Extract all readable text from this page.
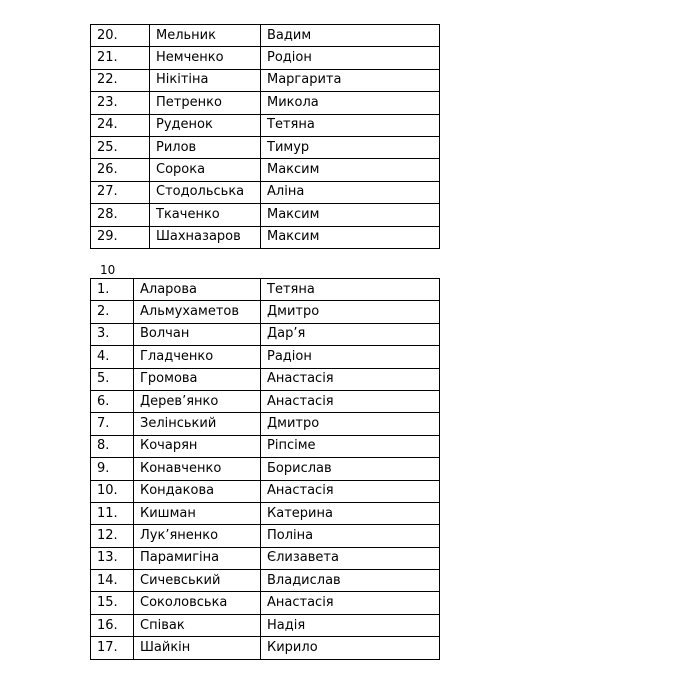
20.	Мельник	Вадим
21.	Немченко	Родіон
22.	Нікітіна	Маргарита
23.	Петренко	Микола
24.	Руденок	Тетяна
25.	Рилов	Тимур
26.	Сорока	Максим
27.	Стодольська	Аліна
28.	Ткаченко	Максим
29.	Шахназаров	Максим
10
1.	Аларова	Тетяна
2.	Альмухаметов	Дмитро
3.	Волчан	Дар’я
4.	Гладченко	Радіон
5.	Громова	Анастасія
6.	Дерев’янко	Анастасія
7.	Зелінський	Дмитро
8.	Кочарян	Ріпсіме
9.	Конавченко	Борислав
10.	Кондакова	Анастасія
11.	Кишман	Катерина
12.	Лук’яненко	Поліна
13.	Парамигіна	Єлизавета
14.	Сичевський	Владислав
15.	Соколовська	Анастасія
16.	Співак	Надія
17.	Шайкін	Кирило
